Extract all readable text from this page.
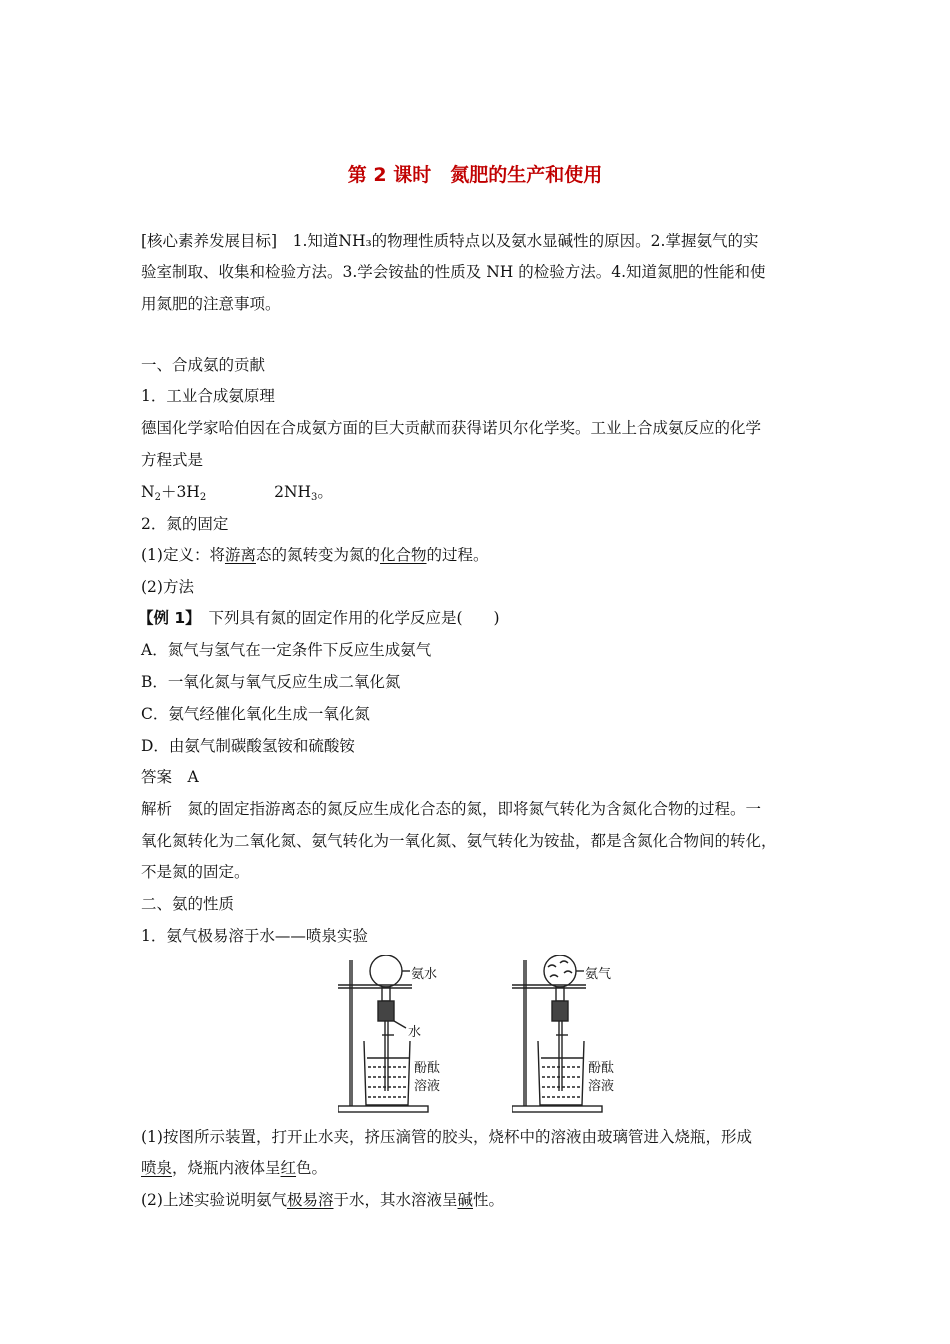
第 2 课时　氮肥的生产和使用
[核心素养发展目标]　1.知道NH₃的物理性质特点以及氨水显碱性的原因。2.掌握氨气的实
验室制取、收集和检验方法。3.学会铵盐的性质及 NH 的检验方法。4.知道氮肥的性能和使
用氮肥的注意事项。
一、合成氨的贡献
1．工业合成氨原理
德国化学家哈伯因在合成氨方面的巨大贡献而获得诺贝尔化学奖。工业上合成氨反应的化学
方程式是
$N_2+3H_2$	$2NH_3$。
2．氮的固定
(1)定义：将游离态的氮转变为氮的化合物的过程。
(2)方法
【例 1】　下列具有氮的固定作用的化学反应是(　　)
A．氮气与氢气在一定条件下反应生成氨气
B．一氧化氮与氧气反应生成二氧化氮
C．氨气经催化氧化生成一氧化氮
D．由氨气制碳酸氢铵和硫酸铵
答案　A
解析　氮的固定指游离态的氮反应生成化合态的氮，即将氮气转化为含氮化合物的过程。一
氧化氮转化为二氧化氮、氨气转化为一氧化氮、氨气转化为铵盐，都是含氮化合物间的转化，
不是氮的固定。
二、氨的性质
1．氨气极易溶于水——喷泉实验
氨水
水
酚酞
溶液
氨气
酚酞
溶液
(1)按图所示装置，打开止水夹，挤压滴管的胶头，烧杯中的溶液由玻璃管进入烧瓶，形成
喷泉，烧瓶内液体呈红色。
(2)上述实验说明氨气极易溶于水，其水溶液呈碱性。
